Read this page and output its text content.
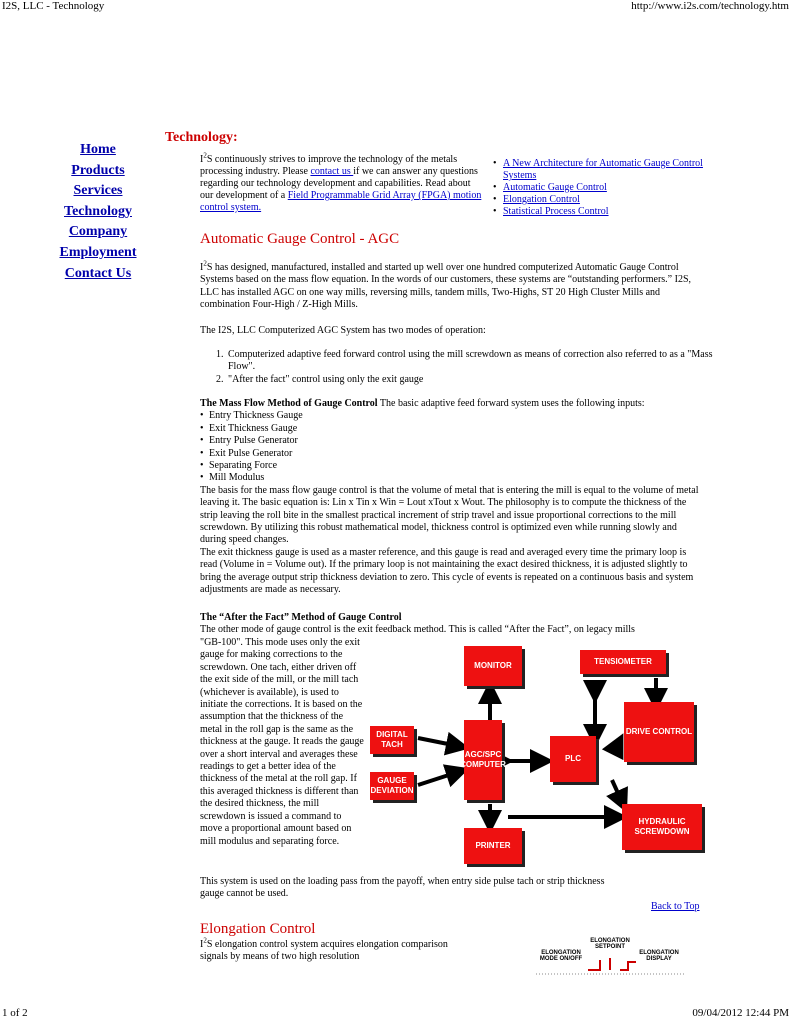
I2S, LLC - Technology	http://www.i2s.com/technology.htm
Home
Products
Services
Technology
Company
Employment
Contact Us
Technology:
$I^2S$ continuously strives to improve the technology of the metals processing industry. Please contact us if we can answer any questions regarding our technology development and capabilities. Read about our development of a Field Programmable Grid Array (FPGA) motion control system.
• A New Architecture for Automatic Gauge Control Systems
• Automatic Gauge Control
• Elongation Control
• Statistical Process Control
Automatic Gauge Control - AGC
$I^2S$ has designed, manufactured, installed and started up well over one hundred computerized Automatic Gauge Control Systems based on the mass flow equation. In the words of our customers, these systems are “outstanding performers.” I2S, LLC has installed AGC on one way mills, reversing mills, tandem mills, Two-Highs, ST 20 High Cluster Mills and combination Four-High / Z-High Mills.
The I2S, LLC Computerized AGC System has two modes of operation:
1. Computerized adaptive feed forward control using the mill screwdown as means of correction also referred to as a "Mass Flow".
2. "After the fact" control using only the exit gauge
The Mass Flow Method of Gauge Control The basic adaptive feed forward system uses the following inputs:
• Entry Thickness Gauge
• Exit Thickness Gauge
• Entry Pulse Generator
• Exit Pulse Generator
• Separating Force
• Mill Modulus
The basis for the mass flow gauge control is that the volume of metal that is entering the mill is equal to the volume of metal leaving it. The basic equation is: Lin x Tin x Win = Lout xTout x Wout. The philosophy is to compute the thickness of the strip leaving the roll bite in the smallest practical increment of strip travel and issue proportional corrections to the mill screwdown. By utilizing this robust mathematical model, thickness control is optimized even while running slowly and during speed changes.
The exit thickness gauge is used as a master reference, and this gauge is read and averaged every time the primary loop is read (Volume in = Volume out). If the primary loop is not maintaining the exact desired thickness, it is adjusted slightly to bring the average output strip thickness deviation to zero. This cycle of events is repeated on a continuous basis and system adjustments are made as necessary.
The “After the Fact” Method of Gauge Control
The other mode of gauge control is the exit feedback method. This is called “After the Fact”, on legacy mills
"GB-100". This mode uses only the exit gauge for making corrections to the screwdown. One tach, either driven off the exit side of the mill, or the mill tach (whichever is available), is used to initiate the corrections. It is based on the assumption that the thickness of the metal in the roll gap is the same as the thickness at the gauge. It reads the gauge over a short interval and averages these readings to get a better idea of the thickness of the metal at the roll gap. If this averaged thickness is different than the desired thickness, the mill screwdown is issued a command to move a proportional amount based on mill modulus and separating force.
MONITOR	TENSIOMETER
DIGITAL TACH
GAUGE DEVIATION
AGC/SPC COMPUTER
PLC
DRIVE CONTROL
HYDRAULIC SCREWDOWN
PRINTER
This system is used on the loading pass from the payoff, when entry side pulse tach or strip thickness gauge cannot be used.
Back to Top
Elongation Control
$I^2S$ elongation control system acquires elongation comparison signals by means of two high resolution
ELONGATION SETPOINT
ELONGATION MODE ON/OFF
ELONGATION DISPLAY
1 of 2	09/04/2012 12:44 PM
